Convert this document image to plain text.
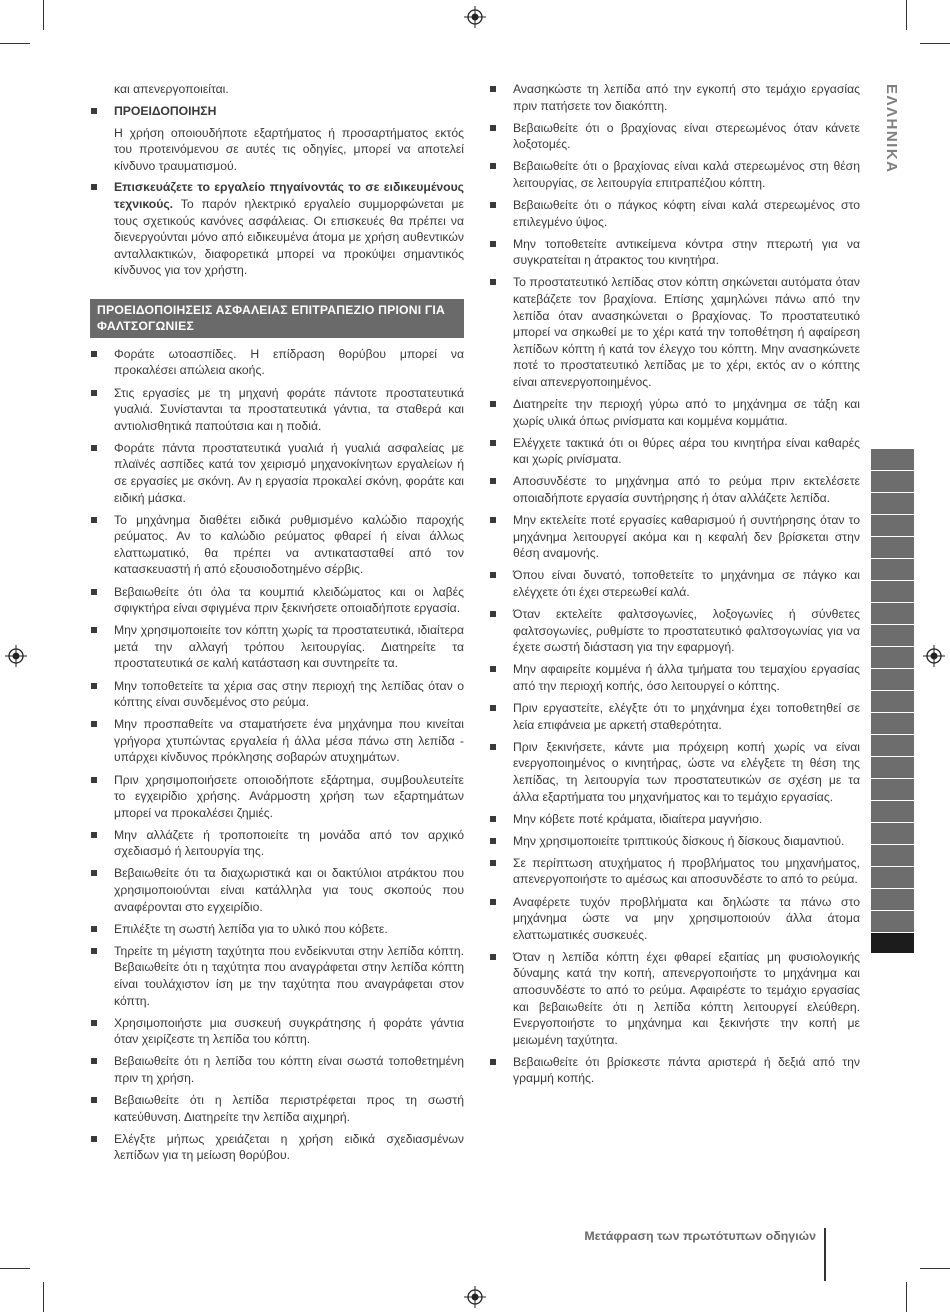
ΕΛΛΗΝΙΚΑ

και απενεργοποιείται.

ΠΡΟΕΙΔΟΠΟΙΗΣΗ

Η χρήση οποιουδήποτε εξαρτήματος ή προσαρτήματος εκτός του προτεινόμενου σε αυτές τις οδηγίες, μπορεί να αποτελεί κίνδυνο τραυματισμού.

Επισκευάζετε το εργαλείο πηγαίνοντάς το σε ειδικευμένους τεχνικούς. Το παρόν ηλεκτρικό εργαλείο συμμορφώνεται με τους σχετικούς κανόνες ασφάλειας. Οι επισκευές θα πρέπει να διενεργούνται μόνο από ειδικευμένα άτομα με χρήση αυθεντικών ανταλλακτικών, διαφορετικά μπορεί να προκύψει σημαντικός κίνδυνος για τον χρήστη.
ΠΡΟΕΙΔΟΠΟΙΗΣΕΙΣ ΑΣΦΑΛΕΙΑΣ ΕΠΙΤΡΑΠΕΖΙΟ ΠΡΙΟΝΙ ΓΙΑ ΦΑΛΤΣΟΓΩΝΙΕΣ
Φοράτε ωτοασπίδες. Η επίδραση θορύβου μπορεί να προκαλέσει απώλεια ακοής.
Στις εργασίες με τη μηχανή φοράτε πάντοτε προστατευτικά γυαλιά. Συνίστανται τα προστατευτικά γάντια, τα σταθερά και αντιολισθητικά παπούτσια και η ποδιά.
Φοράτε πάντα προστατευτικά γυαλιά ή γυαλιά ασφαλείας με πλαϊνές ασπίδες κατά τον χειρισμό μηχανοκίνητων εργαλείων ή σε εργασίες με σκόνη. Αν η εργασία προκαλεί σκόνη, φοράτε και ειδική μάσκα.
Το μηχάνημα διαθέτει ειδικά ρυθμισμένο καλώδιο παροχής ρεύματος. Αν το καλώδιο ρεύματος φθαρεί ή είναι άλλως ελαττωματικό, θα πρέπει να αντικατασταθεί από τον κατασκευαστή ή από εξουσιοδοτημένο σέρβις.
Βεβαιωθείτε ότι όλα τα κουμπιά κλειδώματος και οι λαβές σφιγκτήρα είναι σφιγμένα πριν ξεκινήσετε οποιαδήποτε εργασία.
Μην χρησιμοποιείτε τον κόπτη χωρίς τα προστατευτικά, ιδιαίτερα μετά την αλλαγή τρόπου λειτουργίας. Διατηρείτε τα προστατευτικά σε καλή κατάσταση και συντηρείτε τα.
Μην τοποθετείτε τα χέρια σας στην περιοχή της λεπίδας όταν ο κόπτης είναι συνδεμένος στο ρεύμα.
Μην προσπαθείτε να σταματήσετε ένα μηχάνημα που κινείται γρήγορα χτυπώντας εργαλεία ή άλλα μέσα πάνω στη λεπίδα - υπάρχει κίνδυνος πρόκλησης σοβαρών ατυχημάτων.
Πριν χρησιμοποιήσετε οποιοδήποτε εξάρτημα, συμβουλευτείτε το εγχειρίδιο χρήσης. Ανάρμοστη χρήση των εξαρτημάτων μπορεί να προκαλέσει ζημιές.
Μην αλλάζετε ή τροποποιείτε τη μονάδα από τον αρχικό σχεδιασμό ή λειτουργία της.
Βεβαιωθείτε ότι τα διαχωριστικά και οι δακτύλιοι ατράκτου που χρησιμοποιούνται είναι κατάλληλα για τους σκοπούς που αναφέρονται στο εγχειρίδιο.
Επιλέξτε τη σωστή λεπίδα για το υλικό που κόβετε.
Τηρείτε τη μέγιστη ταχύτητα που ενδείκνυται στην λεπίδα κόπτη. Βεβαιωθείτε ότι η ταχύτητα που αναγράφεται στην λεπίδα κόπτη είναι τουλάχιστον ίση με την ταχύτητα που αναγράφεται στον κόπτη.
Χρησιμοποιήστε μια συσκευή συγκράτησης ή φοράτε γάντια όταν χειρίζεστε τη λεπίδα του κόπτη.
Βεβαιωθείτε ότι η λεπίδα του κόπτη είναι σωστά τοποθετημένη πριν τη χρήση.
Βεβαιωθείτε ότι η λεπίδα περιστρέφεται προς τη σωστή κατεύθυνση. Διατηρείτε την λεπίδα αιχμηρή.
Ελέγξτε μήπως χρειάζεται η χρήση ειδικά σχεδιασμένων λεπίδων για τη μείωση θορύβου.
Ανασηκώστε τη λεπίδα από την εγκοπή στο τεμάχιο εργασίας πριν πατήσετε τον διακόπτη.
Βεβαιωθείτε ότι ο βραχίονας είναι στερεωμένος όταν κάνετε λοξοτομές.
Βεβαιωθείτε ότι ο βραχίονας είναι καλά στερεωμένος στη θέση λειτουργίας, σε λειτουργία επιτραπέζιου κόπτη.
Βεβαιωθείτε ότι ο πάγκος κόφτη είναι καλά στερεωμένος στο επιλεγμένο ύψος.
Μην τοποθετείτε αντικείμενα κόντρα στην πτερωτή για να συγκρατείται η άτρακτος του κινητήρα.
Το προστατευτικό λεπίδας στον κόπτη σηκώνεται αυτόματα όταν κατεβάζετε τον βραχίονα. Επίσης χαμηλώνει πάνω από την λεπίδα όταν ανασηκώνεται ο βραχίονας. Το προστατευτικό μπορεί να σηκωθεί με το χέρι κατά την τοποθέτηση ή αφαίρεση λεπίδων κόπτη ή κατά τον έλεγχο του κόπτη. Μην ανασηκώνετε ποτέ το προστατευτικό λεπίδας με το χέρι, εκτός αν ο κόπτης είναι απενεργοποιημένος.
Διατηρείτε την περιοχή γύρω από το μηχάνημα σε τάξη και χωρίς υλικά όπως ρινίσματα και κομμένα κομμάτια.
Ελέγχετε τακτικά ότι οι θύρες αέρα του κινητήρα είναι καθαρές και χωρίς ρινίσματα.
Αποσυνδέστε το μηχάνημα από το ρεύμα πριν εκτελέσετε οποιαδήποτε εργασία συντήρησης ή όταν αλλάζετε λεπίδα.
Μην εκτελείτε ποτέ εργασίες καθαρισμού ή συντήρησης όταν το μηχάνημα λειτουργεί ακόμα και η κεφαλή δεν βρίσκεται στην θέση αναμονής.
Όπου είναι δυνατό, τοποθετείτε το μηχάνημα σε πάγκο και ελέγχετε ότι έχει στερεωθεί καλά.
Όταν εκτελείτε φαλτσογωνίες, λοξογωνίες ή σύνθετες φαλτσογωνίες, ρυθμίστε το προστατευτικό φαλτσογωνίας για να έχετε σωστή διάσταση για την εφαρμογή.
Μην αφαιρείτε κομμένα ή άλλα τμήματα του τεμαχίου εργασίας από την περιοχή κοπής, όσο λειτουργεί ο κόπτης.
Πριν εργαστείτε, ελέγξτε ότι το μηχάνημα έχει τοποθετηθεί σε λεία επιφάνεια με αρκετή σταθερότητα.
Πριν ξεκινήσετε, κάντε μια πρόχειρη κοπή χωρίς να είναι ενεργοποιημένος ο κινητήρας, ώστε να ελέγξετε τη θέση της λεπίδας, τη λειτουργία των προστατευτικών σε σχέση με τα άλλα εξαρτήματα του μηχανήματος και το τεμάχιο εργασίας.
Μην κόβετε ποτέ κράματα, ιδιαίτερα μαγνήσιο.
Μην χρησιμοποιείτε τριπτικούς δίσκους ή δίσκους διαμαντιού.
Σε περίπτωση ατυχήματος ή προβλήματος του μηχανήματος, απενεργοποιήστε το αμέσως και αποσυνδέστε το από το ρεύμα.
Αναφέρετε τυχόν προβλήματα και δηλώστε τα πάνω στο μηχάνημα ώστε να μην χρησιμοποιούν άλλα άτομα ελαττωματικές συσκευές.
Όταν η λεπίδα κόπτη έχει φθαρεί εξαιτίας μη φυσιολογικής δύναμης κατά την κοπή, απενεργοποιήστε το μηχάνημα και αποσυνδέστε το από το ρεύμα. Αφαιρέστε το τεμάχιο εργασίας και βεβαιωθείτε ότι η λεπίδα κόπτη λειτουργεί ελεύθερη. Ενεργοποιήστε το μηχάνημα και ξεκινήστε την κοπή με μειωμένη ταχύτητα.
Βεβαιωθείτε ότι βρίσκεστε πάντα αριστερά ή δεξιά από την γραμμή κοπής.
Μετάφραση των πρωτότυπων οδηγιών
